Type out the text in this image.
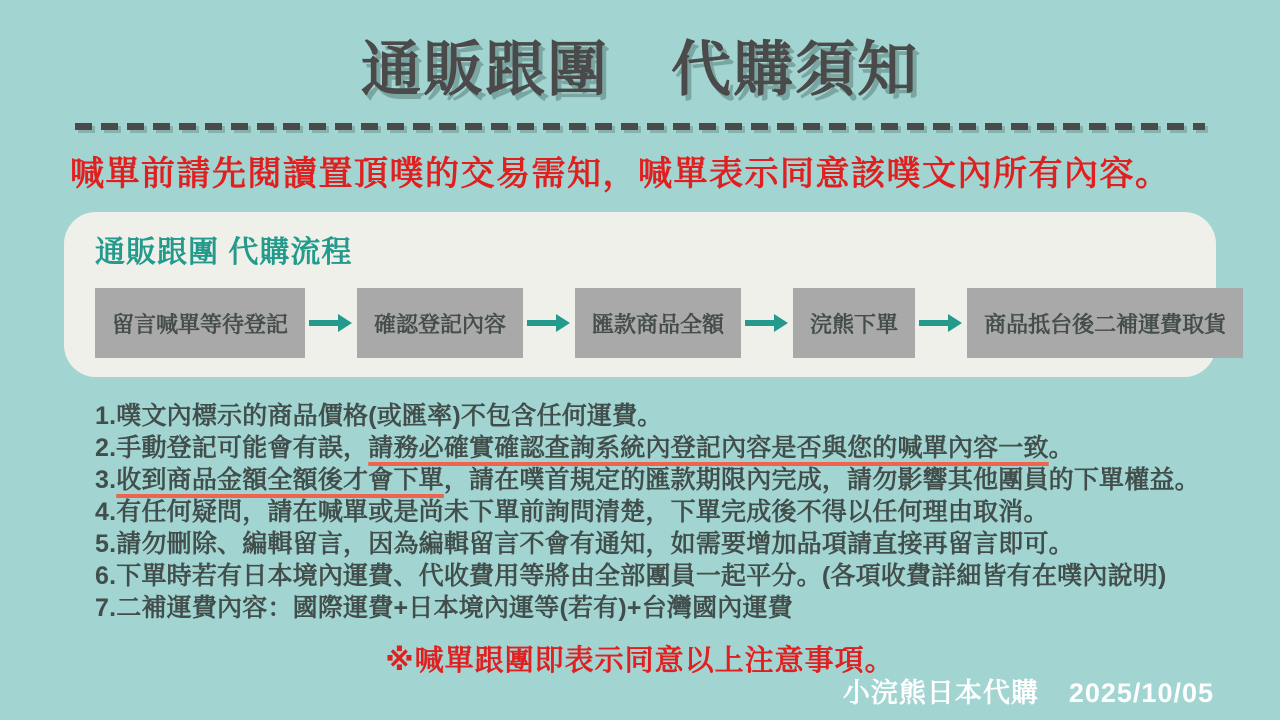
通販跟團　代購須知

喊單前請先閱讀置頂噗的交易需知，喊單表示同意該噗文內所有內容。

通販跟團 代購流程
留言喊單等待登記	確認登記內容	匯款商品全額	浣熊下單	商品抵台後二補運費取貨
1.噗文內標示的商品價格(或匯率)不包含任何運費。
2.手動登記可能會有誤，請務必確實確認查詢系統內登記內容是否與您的喊單內容一致。
3.收到商品金額全額後才會下單，請在噗首規定的匯款期限內完成，請勿影響其他團員的下單權益。
4.有任何疑問，請在喊單或是尚未下單前詢問清楚，下單完成後不得以任何理由取消。
5.請勿刪除、編輯留言，因為編輯留言不會有通知，如需要增加品項請直接再留言即可。
6.下單時若有日本境內運費、代收費用等將由全部團員一起平分。(各項收費詳細皆有在噗內說明)
7.二補運費內容：國際運費+日本境內運等(若有)+台灣國內運費

※喊單跟團即表示同意以上注意事項。

小浣熊日本代購 2025/10/05
